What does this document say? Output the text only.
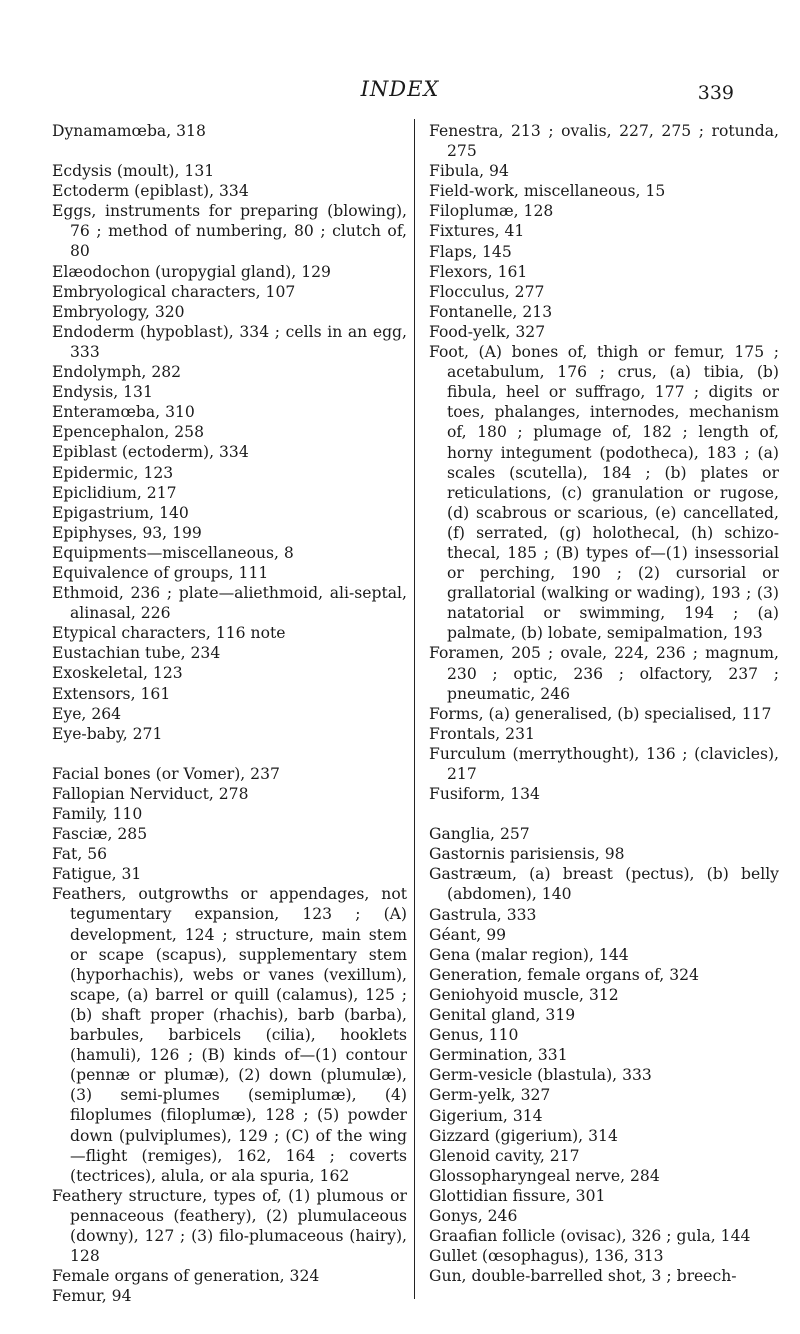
INDEX	339
Dynamamœba, 318
Ecdysis (moult), 131
Ectoderm (epiblast), 334
Eggs, instruments for preparing (blowing), 76 ; method of numbering, 80 ; clutch of, 80
Elæodochon (uropygial gland), 129
Embryological characters, 107
Embryology, 320
Endoderm (hypoblast), 334 ; cells in an egg, 333
Endolymph, 282
Endysis, 131
Enteramœba, 310
Epencephalon, 258
Epiblast (ectoderm), 334
Epidermic, 123
Epiclidium, 217
Epigastrium, 140
Epiphyses, 93, 199
Equipments—miscellaneous, 8
Equivalence of groups, 111
Ethmoid, 236 ; plate—aliethmoid, ali-septal, alinasal, 226
Etypical characters, 116 note
Eustachian tube, 234
Exoskeletal, 123
Extensors, 161
Eye, 264
Eye-baby, 271
Facial bones (or Vomer), 237
Fallopian Nerviduct, 278
Family, 110
Fasciæ, 285
Fat, 56
Fatigue, 31
Feathers, outgrowths or appendages, not tegumentary expansion, 123 ; (A) development, 124 ; structure, main stem or scape (scapus), supplementary stem (hyporhachis), webs or vanes (vexillum), scape, (a) barrel or quill (calamus), 125 ; (b) shaft proper (rhachis), barb (barba), barbules, barbicels (cilia), hooklets (hamuli), 126 ; (B) kinds of—(1) contour (pennæ or plumæ), (2) down (plumulæ), (3) semi-plumes (semiplumæ), (4) filoplumes (filoplumæ), 128 ; (5) powder down (pulviplumes), 129 ; (C) of the wing—flight (remiges), 162, 164 ; coverts (tectrices), alula, or ala spuria, 162
Feathery structure, types of, (1) plumous or pennaceous (feathery), (2) plumulaceous (downy), 127 ; (3) filo-plumaceous (hairy), 128
Female organs of generation, 324
Femur, 94
Fenestra, 213 ; ovalis, 227, 275 ; rotunda, 275
Fibula, 94
Field-work, miscellaneous, 15
Filoplumæ, 128
Fixtures, 41
Flaps, 145
Flexors, 161
Flocculus, 277
Fontanelle, 213
Food-yelk, 327
Foot, (A) bones of, thigh or femur, 175 ; acetabulum, 176 ; crus, (a) tibia, (b) fibula, heel or suffrago, 177 ; digits or toes, phalanges, internodes, mechanism of, 180 ; plumage of, 182 ; length of, horny integument (podotheca), 183 ; (a) scales (scutella), 184 ; (b) plates or reticulations, (c) granulation or rugose, (d) scabrous or scarious, (e) cancellated, (f) serrated, (g) holothecal, (h) schizo-thecal, 185 ; (B) types of—(1) insessorial or perching, 190 ; (2) cursorial or grallatorial (walking or wading), 193 ; (3) natatorial or swimming, 194 ; (a) palmate, (b) lobate, semipalmation, 193
Foramen, 205 ; ovale, 224, 236 ; magnum, 230 ; optic, 236 ; olfactory, 237 ; pneumatic, 246
Forms, (a) generalised, (b) specialised, 117
Frontals, 231
Furculum (merrythought), 136 ; (clavicles), 217
Fusiform, 134
Ganglia, 257
Gastornis parisiensis, 98
Gastræum, (a) breast (pectus), (b) belly (abdomen), 140
Gastrula, 333
Géant, 99
Gena (malar region), 144
Generation, female organs of, 324
Geniohyoid muscle, 312
Genital gland, 319
Genus, 110
Germination, 331
Germ-vesicle (blastula), 333
Germ-yelk, 327
Gigerium, 314
Gizzard (gigerium), 314
Glenoid cavity, 217
Glossopharyngeal nerve, 284
Glottidian fissure, 301
Gonys, 246
Graafian follicle (ovisac), 326 ; gula, 144
Gullet (œsophagus), 136, 313
Gun, double-barrelled shot, 3 ; breech-
